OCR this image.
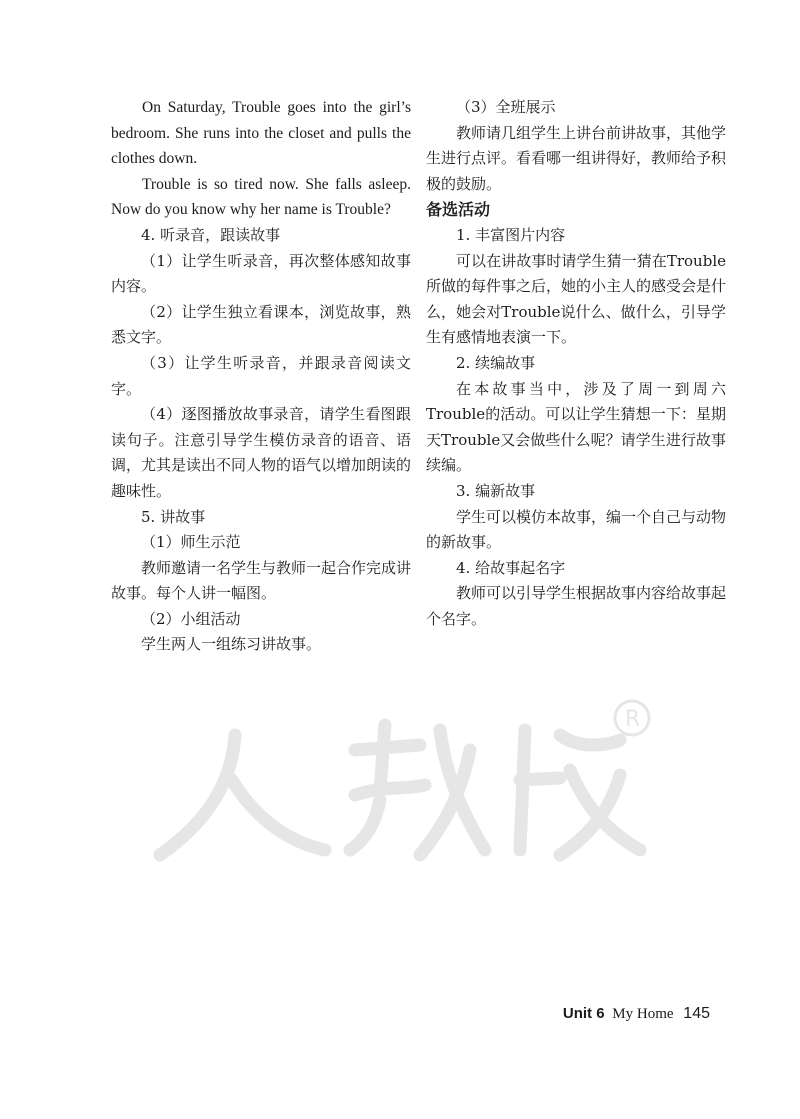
On Saturday, Trouble goes into the girl’s bedroom. She runs into the closet and pulls the clothes down.

Trouble is so tired now. She falls asleep. Now do you know why her name is Trouble?

4. 听录音，跟读故事

（1）让学生听录音，再次整体感知故事内容。

（2）让学生独立看课本，浏览故事，熟悉文字。

（3）让学生听录音，并跟录音阅读文字。

（4）逐图播放故事录音，请学生看图跟读句子。注意引导学生模仿录音的语音、语调，尤其是读出不同人物的语气以增加朗读的趣味性。

5. 讲故事

（1）师生示范

教师邀请一名学生与教师一起合作完成讲故事。每个人讲一幅图。

（2）小组活动

学生两人一组练习讲故事。

（3）全班展示

教师请几组学生上讲台前讲故事，其他学生进行点评。看看哪一组讲得好，教师给予积极的鼓励。

备选活动

1. 丰富图片内容

可以在讲故事时请学生猜一猜在Trouble所做的每件事之后，她的小主人的感受会是什么，她会对Trouble说什么、做什么，引导学生有感情地表演一下。

2. 续编故事

在本故事当中，涉及了周一到周六Trouble的活动。可以让学生猜想一下：星期天Trouble又会做些什么呢？请学生进行故事续编。

3. 编新故事

学生可以模仿本故事，编一个自己与动物的新故事。

4. 给故事起名字

教师可以引导学生根据故事内容给故事起个名字。

R
Unit 6 My Home 145
